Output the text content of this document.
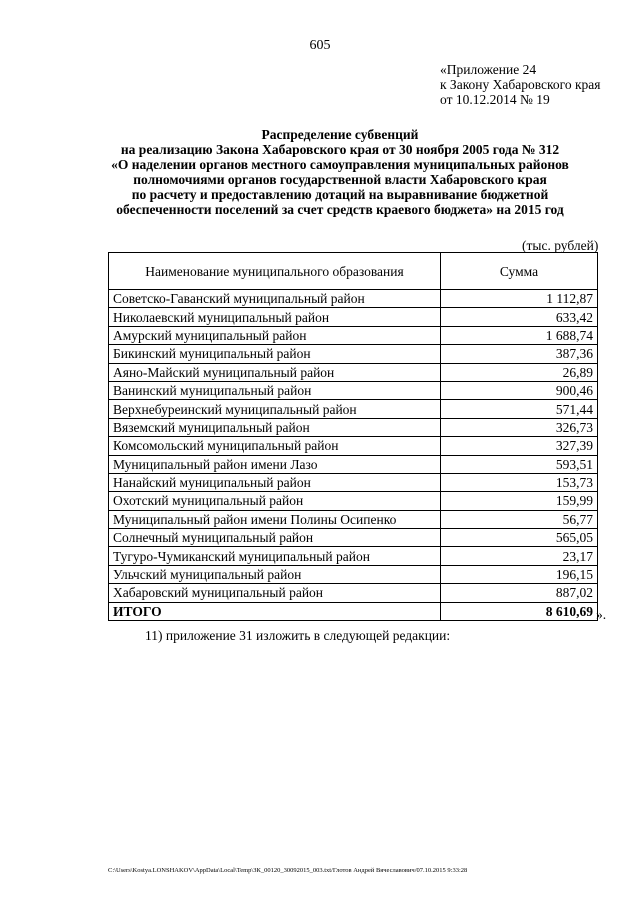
605
«Приложение 24
к Закону Хабаровского края
от 10.12.2014 № 19
Распределение субвенций
на реализацию Закона Хабаровского края от 30 ноября 2005 года № 312
«О наделении органов местного самоуправления муниципальных районов
полномочиями органов государственной власти Хабаровского края
по расчету и предоставлению дотаций на выравнивание бюджетной
обеспеченности поселений за счет средств краевого бюджета» на 2015 год
(тыс. рублей)
Наименование муниципального образования	Сумма
Советско-Гаванский муниципальный район	1 112,87
Николаевский муниципальный район	633,42
Амурский муниципальный район	1 688,74
Бикинский муниципальный район	387,36
Аяно-Майский муниципальный район	26,89
Ванинский муниципальный район	900,46
Верхнебуреинский муниципальный район	571,44
Вяземский муниципальный район	326,73
Комсомольский муниципальный район	327,39
Муниципальный район имени Лазо	593,51
Нанайский муниципальный район	153,73
Охотский муниципальный район	159,99
Муниципальный район имени Полины Осипенко	56,77
Солнечный муниципальный район	565,05
Тугуро-Чумиканский муниципальный район	23,17
Ульчский муниципальный район	196,15
Хабаровский муниципальный район	887,02
ИТОГО	8 610,69 ».
11) приложение 31 изложить в следующей редакции:
C:\Users\Kostya.LONSHAKOV\AppData\Local\Temp\ЗК_00120_30092015_003.txt/Глотов Андрей Вячеславович/07.10.2015 9:33:28
